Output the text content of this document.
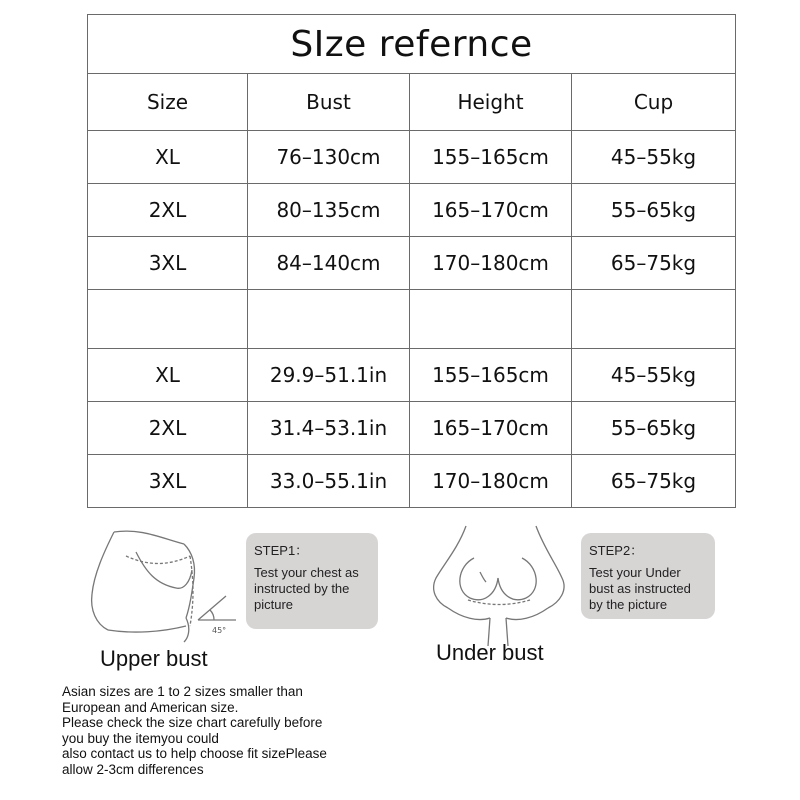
SIze refernce			
Size	Bust	Height	Cup
XL	76–130cm	155–165cm	45–55kg
2XL	80–135cm	165–170cm	55–65kg
3XL	84–140cm	170–180cm	65–75kg

XL	29.9–51.1in	155–165cm	45–55kg
2XL	31.4–53.1in	165–170cm	55–65kg
3XL	33.0–55.1in	170–180cm	65–75kg
45°
STEP1：
Test your chest as instructed by the picture
Upper bust
STEP2：
Test your Under bust as instructed by the picture
Under bust
Asian sizes are 1 to 2 sizes smaller than
European and American size.
Please check the size chart carefully before
you buy the itemyou could
also contact us to help choose fit sizePlease
allow 2-3cm differences
